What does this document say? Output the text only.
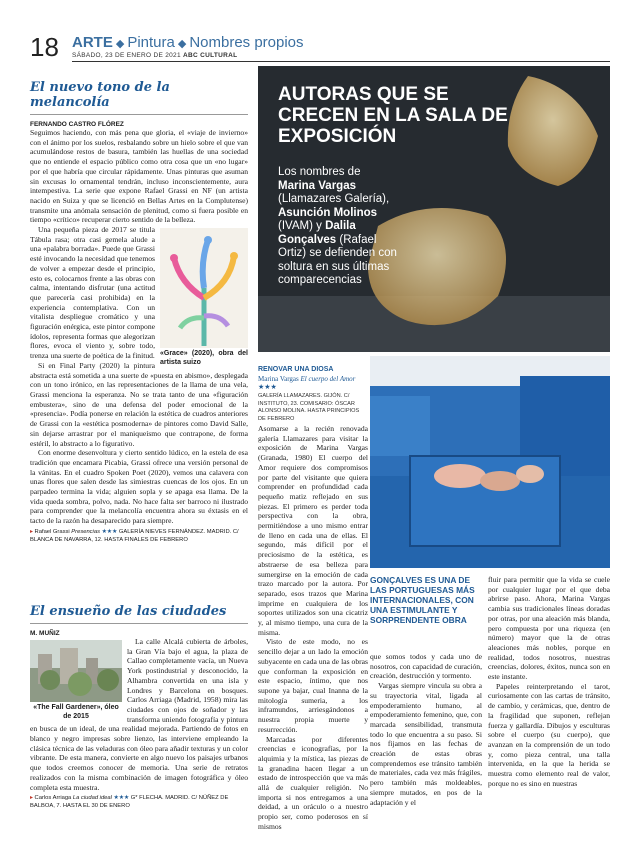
18 ARTE ◆ Pintura ◆ Nombres propios
SÁBADO, 23 DE ENERO DE 2021 ABC CULTURAL
El nuevo tono de la melancolía
FERNANDO CASTRO FLÓREZ

Seguimos haciendo, con más pena que gloria, el «viaje de invierno» con el ánimo por los suelos, resbalando sobre un hielo sobre el que van acumulándose restos de basura, también las huellas de una sociedad que no entiende el espacio público como otra cosa que un «no lugar» por el que habría que circular rápidamente. Unas pinturas que asuman sin excusas lo ornamental tendrán, incluso inconscientemente, aura intempestiva. La serie que expone Rafael Grassi en NF (un artista nacido en Suiza y que se licenció en Bellas Artes en la Complutense) transmite una anómala sensación de plenitud, como si fuera posible en tiempo «crítico» recuperar cierto sentido de la belleza.

«Grace» (2020), obra del artista suizo

Una pequeña pieza de 2017 se titula Tábula rasa; otra casi gemela alude a una «palabra borrada». Puede que Grassi esté invocando la necesidad que tenemos de volver a empezar desde el principio, esto es, colocarnos frente a las obras con calma, intentando disfrutar (una actitud que parecería casi prohibida) en la experiencia contemplativa. Con un vitalista despliegue cromático y una figuración enérgica, este pintor compone ídolos, representa formas que alegorizan flores, evoca el viento y, sobre todo, trenza una suerte de poética de la finitud.

Si en Final Party (2020) la pintura abstracta está sometida a una suerte de «puesta en abismo», desplegada con un tono irónico, en las representaciones de la llama de una vela, Grassi menciona la esperanza. No se trata tanto de una «figuración embustera», sino de una defensa del poder emocional de la «presencia». Podía ponerse en relación la estética de cuadros anteriores de Grassi con la «estética posmoderna» de pintores como David Salle, sin dejarse arrastrar por el maniqueísmo que contrapone, de forma estéril, lo abstracto a lo figurativo.

Con enorme desenvoltura y cierto sentido lúdico, en la estela de esa tradición que encamara Picabia, Grassi ofrece una versión personal de la vánitas. En el cuadro Spoken Poet (2020), vemos una calavera con unas flores que salen desde las simiestras cuencas de los ojos. En un parpadeo termina la vida; alguien sopla y se apaga esa llama. De la vida queda sombra, polvo, nada. No hace falta ser barroco ni ilustrado para comprender que la melancolía encuentra ahora su éxtasis en el tacto de la razón ha desaparecido para siempre.

▸ Rafael Grassi Presencias ★★★ GALERÍA NIEVES FERNÁNDEZ. MADRID. C/ BLANCA DE NAVARRA, 12. HASTA FINALES DE FEBRERO
El ensueño de las ciudades
M. MUÑIZ
«The Fall Gardener», óleo de 2015

La calle Alcalá cubierta de árboles, la Gran Vía bajo el agua, la plaza de Callao completamente vacía, un Nueva York postindustrial y desconocido, la Alhambra convertida en una isla y Londres y Barcelona en bosques. Carlos Arriaga (Madrid, 1958) mira las ciudades con ojos de soñador y las transforma uniendo fotografía y pintura en busca de un ideal, de una realidad mejorada. Partiendo de fotos en blanco y negro impresas sobre lienzo, las interviene empleando la clásica técnica de las veladuras con óleo para añadir texturas y un color vibrante. De esta manera, convierte en algo nuevo los paisajes urbanos que todos creemos conocer de memoria. Una serie de retratos realizados con la misma combinación de imagen fotográfica y óleo completa esta muestra.

▸ Carlos Arriaga La ciudad ideal ★★★ G* FLECHA. MADRID. C/ NÚÑEZ DE BALBOA, 7. HASTA EL 30 DE ENERO
AUTORAS QUE SE CRECEN EN LA SALA DE EXPOSICIÓN
Los nombres de Marina Vargas (Llamazares Galería), Asunción Molinos (IVAM) y Dalila Gonçalves (Rafael Ortiz) se defienden con soltura en sus últimas comparecencias
RENOVAR UNA DIOSA
Marina Vargas El cuerpo del Amor ★★★
GALERÍA LLAMAZARES. GIJÓN. C/ INSTITUTO, 23. COMISARIO: ÓSCAR ALONSO MOLINA. HASTA PRINCIPIOS DE FEBRERO

Asomarse a la recién renovada galería Llamazares para visitar la exposición de Marina Vargas (Granada, 1980) El cuerpo del Amor requiere dos compromisos por parte del visitante que quiera comprender en profundidad cada pequeño matiz reflejado en sus piezas. El primero es perder toda perspectiva con la obra, permitiéndose a uno mismo entrar de lleno en cada una de ellas. El segundo, más difícil por el preciosismo de la estética, es abstraerse de esa belleza para sumergirse en la emoción de cada trazo marcado por la autora. Por separado, esos trazos que Marina imprime en cualquiera de los soportes utilizados son una cicatriz y, al mismo tiempo, una cura de la misma.

Visto de este modo, no es sencillo dejar a un lado la emoción subyacente en cada una de las obras que conforman la exposición en este espacio, íntimo, que nos supone ya bajar, cual Inanna de la mitología sumeria, a los inframundos, arriesgándonos a nuestra propia muerte y resurrección.

Marcadas por diferentes creencias e iconografías, por la alquimia y la mística, las piezas de la granadina hacen llegar a un estado de introspección que va más allá de cualquier religión. No importa si nos entregamos a una deidad, a un oráculo o a nuestro propio ser, como poderosos en sí mismos

GONÇALVES ES UNA DE LAS PORTUGUESAS MÁS INTERNACIONALES, CON UNA ESTIMULANTE Y SORPRENDENTE OBRA

que somos todos y cada uno de nosotros, con capacidad de curación, creación, destrucción y tormento.

Vargas siempre vincula su obra a su trayectoria vital, ligada al empoderamiento humano, al empoderamiento femenino, que, con marcada sensibilidad, transmuta todo lo que encuentra a su paso. Si nos fijamos en las fechas de creación de estas obras comprendemos ese tránsito también de materiales, cada vez más frágiles, pero también más moldeables, siempre mutados, en pos de la adaptación y el

fluir para permitir que la vida se cuele por cualquier lugar por el que deba abrirse paso. Ahora, Marina Vargas cambia sus tradicionales líneas doradas por otras, por una aleación más blanda, pero compuesta por una riqueza (en número) mayor que la de otras aleaciones más nobles, porque en realidad, todos nosotros, nuestras creencias, dolores, éxitos, nunca son en este instante.

Papeles reinterpretando el tarot, curiosamente con las cartas de tránsito, de cambio, y cerámicas, que, dentro de la fragilidad que suponen, reflejan fuerza y gallardía. Dibujos y esculturas sobre el cuerpo (su cuerpo), que avanzan en la comprensión de un todo y, como pieza central, una talla intervenida, en la que la herida se muestra como elemento real de valor, porque no es sino en nuestras
